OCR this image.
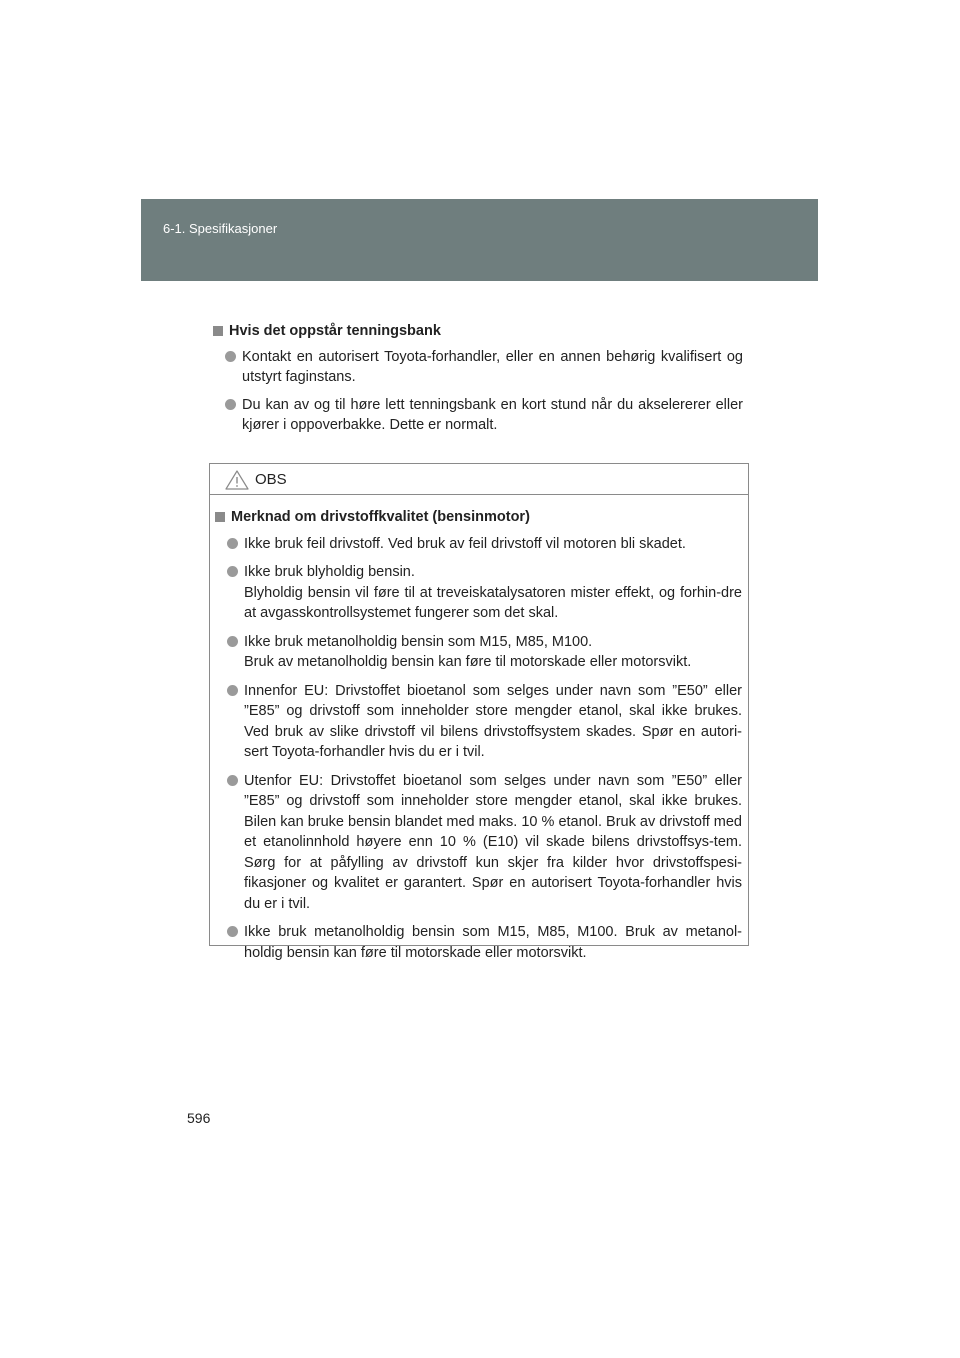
6-1. Spesifikasjoner
Hvis det oppstår tenningsbank
Kontakt en autorisert Toyota-forhandler, eller en annen behørig kvalifisert og utstyrt faginstans.
Du kan av og til høre lett tenningsbank en kort stund når du akselererer eller kjører i oppoverbakke. Dette er normalt.
OBS
Merknad om drivstoffkvalitet (bensinmotor)
Ikke bruk feil drivstoff. Ved bruk av feil drivstoff vil motoren bli skadet.
Ikke bruk blyholdig bensin.
Blyholdig bensin vil føre til at treveiskatalysatoren mister effekt, og forhin-dre at avgasskontrollsystemet fungerer som det skal.
Ikke bruk metanolholdig bensin som M15, M85, M100.
Bruk av metanolholdig bensin kan føre til motorskade eller motorsvikt.
Innenfor EU: Drivstoffet bioetanol som selges under navn som ”E50” eller ”E85” og drivstoff som inneholder store mengder etanol, skal ikke brukes. Ved bruk av slike drivstoff vil bilens drivstoffsystem skades. Spør en autori-sert Toyota-forhandler hvis du er i tvil.
Utenfor EU: Drivstoffet bioetanol som selges under navn som ”E50” eller ”E85” og drivstoff som inneholder store mengder etanol, skal ikke brukes. Bilen kan bruke bensin blandet med maks. 10 % etanol. Bruk av drivstoff med et etanolinnhold høyere enn 10 % (E10) vil skade bilens drivstoffsys-tem. Sørg for at påfylling av drivstoff kun skjer fra kilder hvor drivstoffspesi-fikasjoner og kvalitet er garantert. Spør en autorisert Toyota-forhandler hvis du er i tvil.
Ikke bruk metanolholdig bensin som M15, M85, M100. Bruk av metanol-holdig bensin kan føre til motorskade eller motorsvikt.
596
